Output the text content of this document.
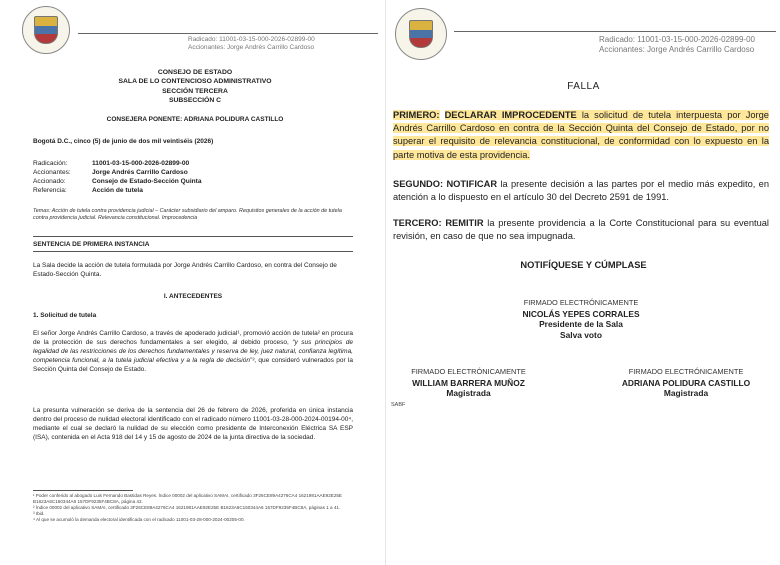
Radicado: 11001-03-15-000-2026-02899-00
Accionantes: Jorge Andrés Carrillo Cardoso
CONSEJO DE ESTADO
SALA DE LO CONTENCIOSO ADMINISTRATIVO
SECCIÓN TERCERA
SUBSECCIÓN C
CONSEJERA PONENTE: ADRIANA POLIDURA CASTILLO
Bogotá D.C., cinco (5) de junio de dos mil veintiséis (2026)
Radicación:	11001-03-15-000-2026-02899-00
Accionantes:	Jorge Andrés Carrillo Cardoso
Accionado:	Consejo de Estado-Sección Quinta
Referencia:	Acción de tutela
Temas: Acción de tutela contra providencia judicial – Carácter subsidiario del amparo. Requisitos generales de la acción de tutela contra providencia judicial. Relevancia constitucional. Improcedencia
SENTENCIA DE PRIMERA INSTANCIA
La Sala decide la acción de tutela formulada por Jorge Andrés Carrillo Cardoso, en contra del Consejo de Estado-Sección Quinta.
I. ANTECEDENTES
1. Solicitud de tutela
El señor Jorge Andrés Carrillo Cardoso, a través de apoderado judicial¹, promovió acción de tutela² en procura de la protección de sus derechos fundamentales a ser elegido, al debido proceso, “y sus principios de legalidad de las restricciones de los derechos fundamentales y reserva de ley, juez natural, confianza legítima, competencia funcional, a la tutela judicial efectiva y a la regla de decisión”³, que consideró vulnerados por la Sección Quinta del Consejo de Estado.
La presunta vulneración se deriva de la sentencia del 26 de febrero de 2026, proferida en única instancia dentro del proceso de nulidad electoral identificado con el radicado número 11001-03-28-000-2024-00194-00⁴, mediante el cual se declaró la nulidad de su elección como presidente de Interconexión Eléctrica SA ESP (ISA), contenida en el Acta 918 del 14 y 15 de agosto de 2024 de la junta directiva de la sociedad.
¹ Poder conferido al abogado Luis Fernando Bastidas Reyes. Índice 00002 del aplicativo SAMAI, certificado 3F26CE89A4276CA4 1621981AAE92E25E B1623A6C160344A6 157DF9235F4BC8A, página 42.
² Índice 00002 del aplicativo SAMAI, certificado 3F26CE89A4276CA4 1621981AAE92E25E B1623A6C160344A6 157DF9235F4BC8A, páginas 1 a 41.
³ Ibid.
⁴ Al que se acumuló la demanda electoral identificada con el radicado 11001-03-28-000-2024-00205-00.
Radicado: 11001-03-15-000-2026-02899-00
Accionantes: Jorge Andrés Carrillo Cardoso
FALLA
PRIMERO: DECLARAR IMPROCEDENTE la solicitud de tutela interpuesta por Jorge Andrés Carrillo Cardoso en contra de la Sección Quinta del Consejo de Estado, por no superar el requisito de relevancia constitucional, de conformidad con lo expuesto en la parte motiva de esta providencia.
SEGUNDO: NOTIFICAR la presente decisión a las partes por el medio más expedito, en atención a lo dispuesto en el artículo 30 del Decreto 2591 de 1991.
TERCERO: REMITIR la presente providencia a la Corte Constitucional para su eventual revisión, en caso de que no sea impugnada.
NOTIFÍQUESE Y CÚMPLASE
FIRMADO ELECTRÓNICAMENTE
NICOLÁS YEPES CORRALES
Presidente de la Sala
Salva voto
FIRMADO ELECTRÓNICAMENTE
WILLIAM BARRERA MUÑOZ
Magistrada
FIRMADO ELECTRÓNICAMENTE
ADRIANA POLIDURA CASTILLO
Magistrada
SABF
